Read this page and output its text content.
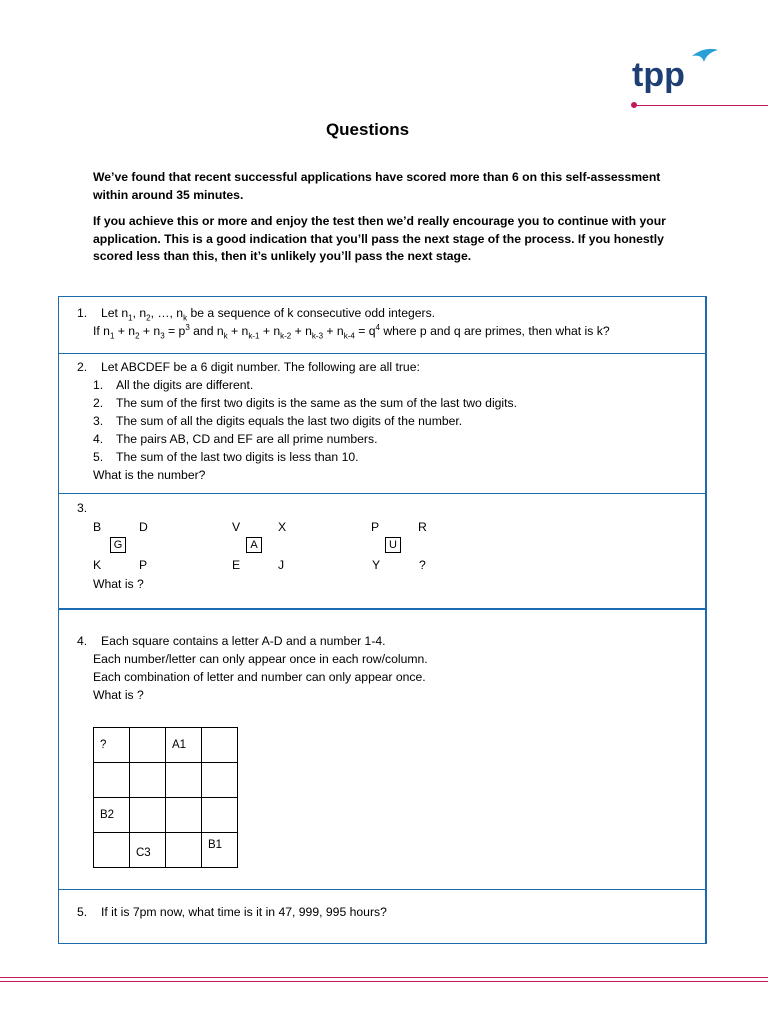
tpp
Questions

We’ve found that recent successful applications have scored more than 6 on this self-assessment within around 35 minutes.

If you achieve this or more and enjoy the test then we’d really encourage you to continue with your application. This is a good indication that you’ll pass the next stage of the process. If you honestly scored less than this, then it’s unlikely you’ll pass the next stage.

1. Let $n_1$, $n_2$, …, $n_k$ be a sequence of k consecutive odd integers.
If $n_1 + n_2 + n_3 = p^3$ and $n_k + n_{k-1} + n_{k-2} + n_{k-3} + n_{k-4} = q^4$ where p and q are primes, then what is k?
2. Let ABCDEF be a 6 digit number. The following are all true:
1. All the digits are different.
2. The sum of the first two digits is the same as the sum of the last two digits.
3. The sum of all the digits equals the last two digits of the number.
4. The pairs AB, CD and EF are all prime numbers.
5. The sum of the last two digits is less than 10.
What is the number?
3.
B	D
G
K	P
V	X
A
E	J
P	R
U
Y	?
What is ?
4. Each square contains a letter A-D and a number 1-4.
Each number/letter can only appear once in each row/column.
Each combination of letter and number can only appear once.
What is ?
?		A1	

B2			

	C3		B1
5. If it is 7pm now, what time is it in 47, 999, 995 hours?
